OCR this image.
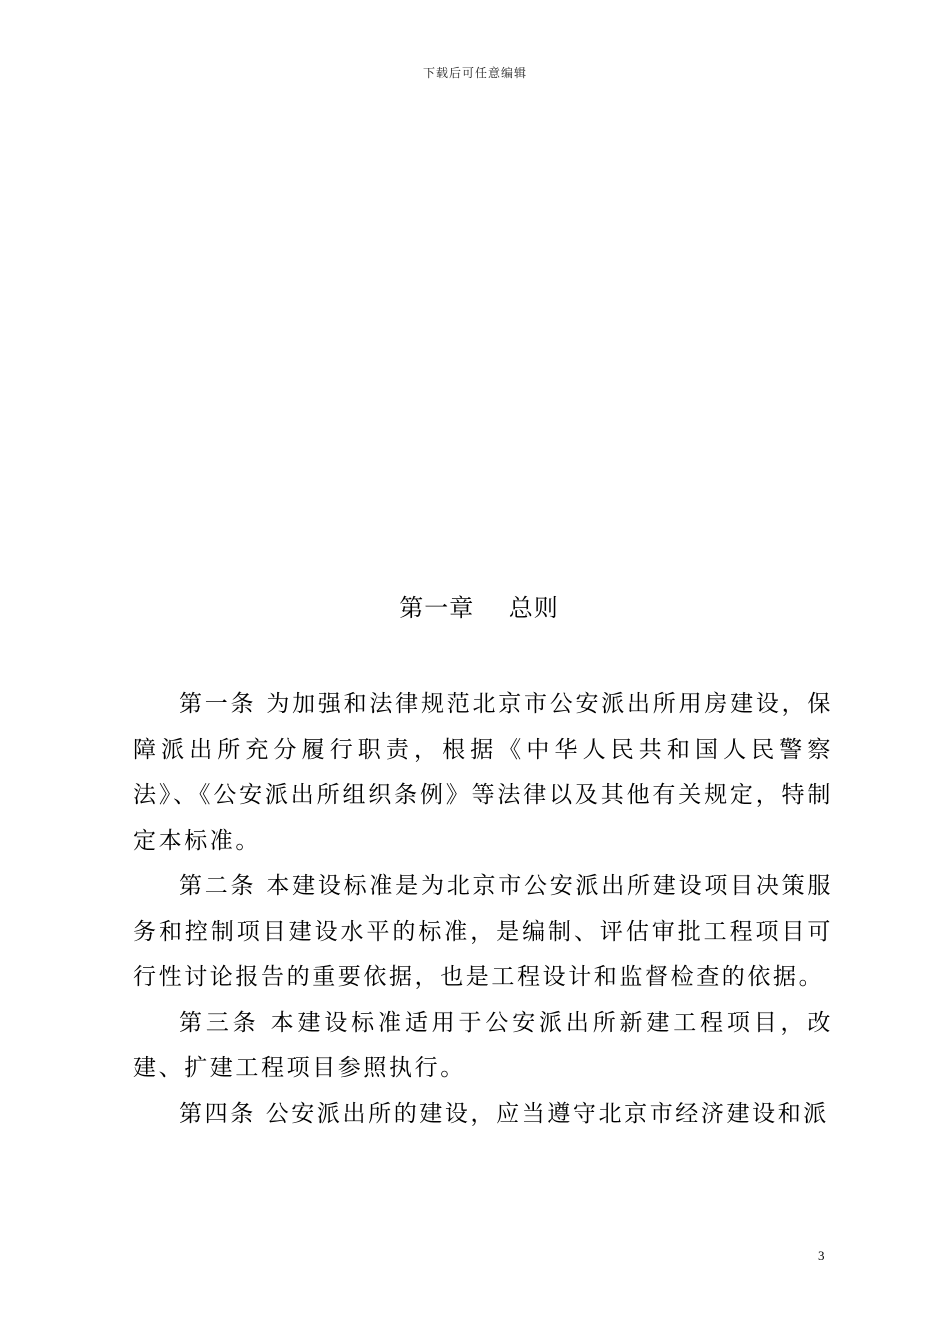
下载后可任意编辑
第一章    总则

第一条 为加强和法律规范北京市公安派出所用房建设，保障派出所充分履行职责，根据《中华人民共和国人民警察法》、《公安派出所组织条例》等法律以及其他有关规定，特制定本标准。

第二条 本建设标准是为北京市公安派出所建设项目决策服务和控制项目建设水平的标准，是编制、评估审批工程项目可行性讨论报告的重要依据，也是工程设计和监督检查的依据。

第三条 本建设标准适用于公安派出所新建工程项目，改建、扩建工程项目参照执行。

第四条 公安派出所的建设，应当遵守北京市经济建设和派

3
